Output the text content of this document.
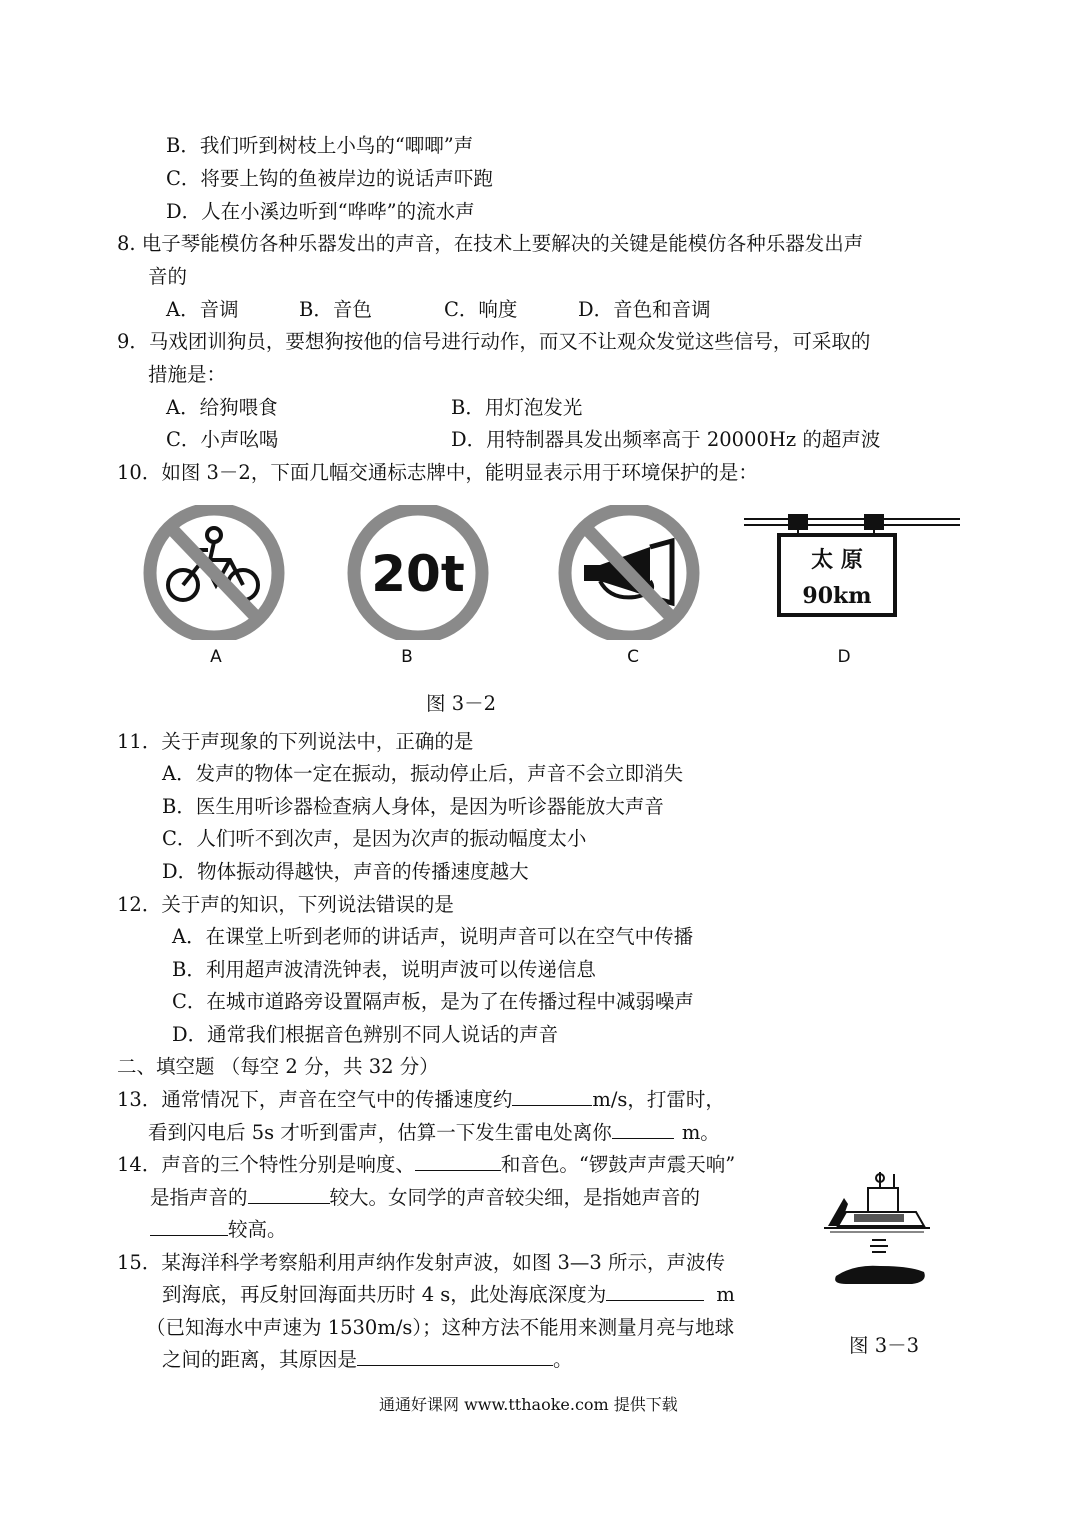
B．我们听到树枝上小鸟的“唧唧”声
C．将要上钩的鱼被岸边的说话声吓跑
D．人在小溪边听到“哗哗”的流水声
8. 电子琴能模仿各种乐器发出的声音，在技术上要解决的关键是能模仿各种乐器发出声
音的
A．音调	B．音色	C．响度	D．音色和音调
9．马戏团训狗员，要想狗按他的信号进行动作，而又不让观众发觉这些信号，可采取的
措施是：
A．给狗喂食	B．用灯泡发光
C．小声吆喝	D．用特制器具发出频率高于 20000Hz 的超声波
10．如图 3－2，下面几幅交通标志牌中，能明显表示用于环境保护的是：
20t	太 原
90km
A	B	C	D
图 3－2
11．关于声现象的下列说法中，正确的是
A．发声的物体一定在振动，振动停止后，声音不会立即消失
B．医生用听诊器检查病人身体，是因为听诊器能放大声音
C．人们听不到次声，是因为次声的振动幅度太小
D．物体振动得越快，声音的传播速度越大
12．关于声的知识，下列说法错误的是
A．在课堂上听到老师的讲话声，说明声音可以在空气中传播
B．利用超声波清洗钟表，说明声波可以传递信息
C．在城市道路旁设置隔声板，是为了在传播过程中减弱噪声
D．通常我们根据音色辨别不同人说话的声音
二、填空题 （每空 2 分，共 32 分）
13．通常情况下，声音在空气中的传播速度约	m/s，打雷时，
看到闪电后 5s 才听到雷声，估算一下发生雷电处离你	m。
14．声音的三个特性分别是响度、	和音色。“锣鼓声声震天响”
是指声音的	较大。女同学的声音较尖细，是指她声音的
较高。
15．某海洋科学考察船利用声纳作发射声波，如图 3—3 所示，声波传
到海底，再反射回海面共历时 4 s，此处海底深度为	m
（已知海水中声速为 1530m/s）；这种方法不能用来测量月亮与地球
之间的距离，其原因是	。
图 3－3
通通好课网 www.tthaoke.com 提供下载
